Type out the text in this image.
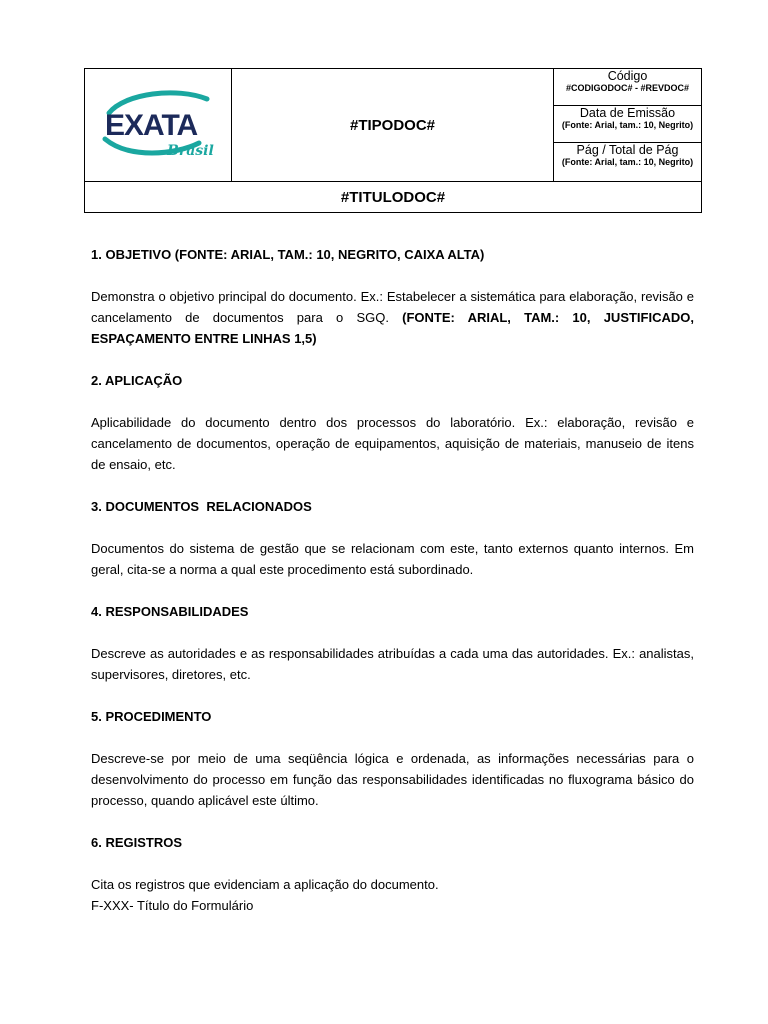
EXATA
Brasil
#TIPODOC#
Código
#CODIGODOC# - #REVDOC#
Data de Emissão
(Fonte: Arial, tam.: 10, Negrito)
Pág / Total de Pág
(Fonte: Arial, tam.: 10, Negrito)
#TITULODOC#

1. OBJETIVO (FONTE: ARIAL, TAM.: 10, NEGRITO, CAIXA ALTA)

Demonstra o objetivo principal do documento. Ex.: Estabelecer a sistemática para elaboração, revisão e cancelamento de documentos para o SGQ. (FONTE: ARIAL, TAM.: 10, JUSTIFICADO, ESPAÇAMENTO ENTRE LINHAS 1,5)

2. APLICAÇÃO

Aplicabilidade do documento dentro dos processos do laboratório. Ex.: elaboração, revisão e cancelamento de documentos, operação de equipamentos, aquisição de materiais, manuseio de itens de ensaio, etc.

3. DOCUMENTOS  RELACIONADOS

Documentos do sistema de gestão que se relacionam com este, tanto externos quanto internos. Em geral, cita-se a norma a qual este procedimento está subordinado.

4. RESPONSABILIDADES

Descreve as autoridades e as responsabilidades atribuídas a cada uma das autoridades. Ex.: analistas, supervisores, diretores, etc.

5. PROCEDIMENTO

Descreve-se por meio de uma seqüência lógica e ordenada, as informações necessárias para o desenvolvimento do processo em função das responsabilidades identificadas no fluxograma básico do processo, quando aplicável este último.

6. REGISTROS

Cita os registros que evidenciam a aplicação do documento.

F-XXX- Título do Formulário
